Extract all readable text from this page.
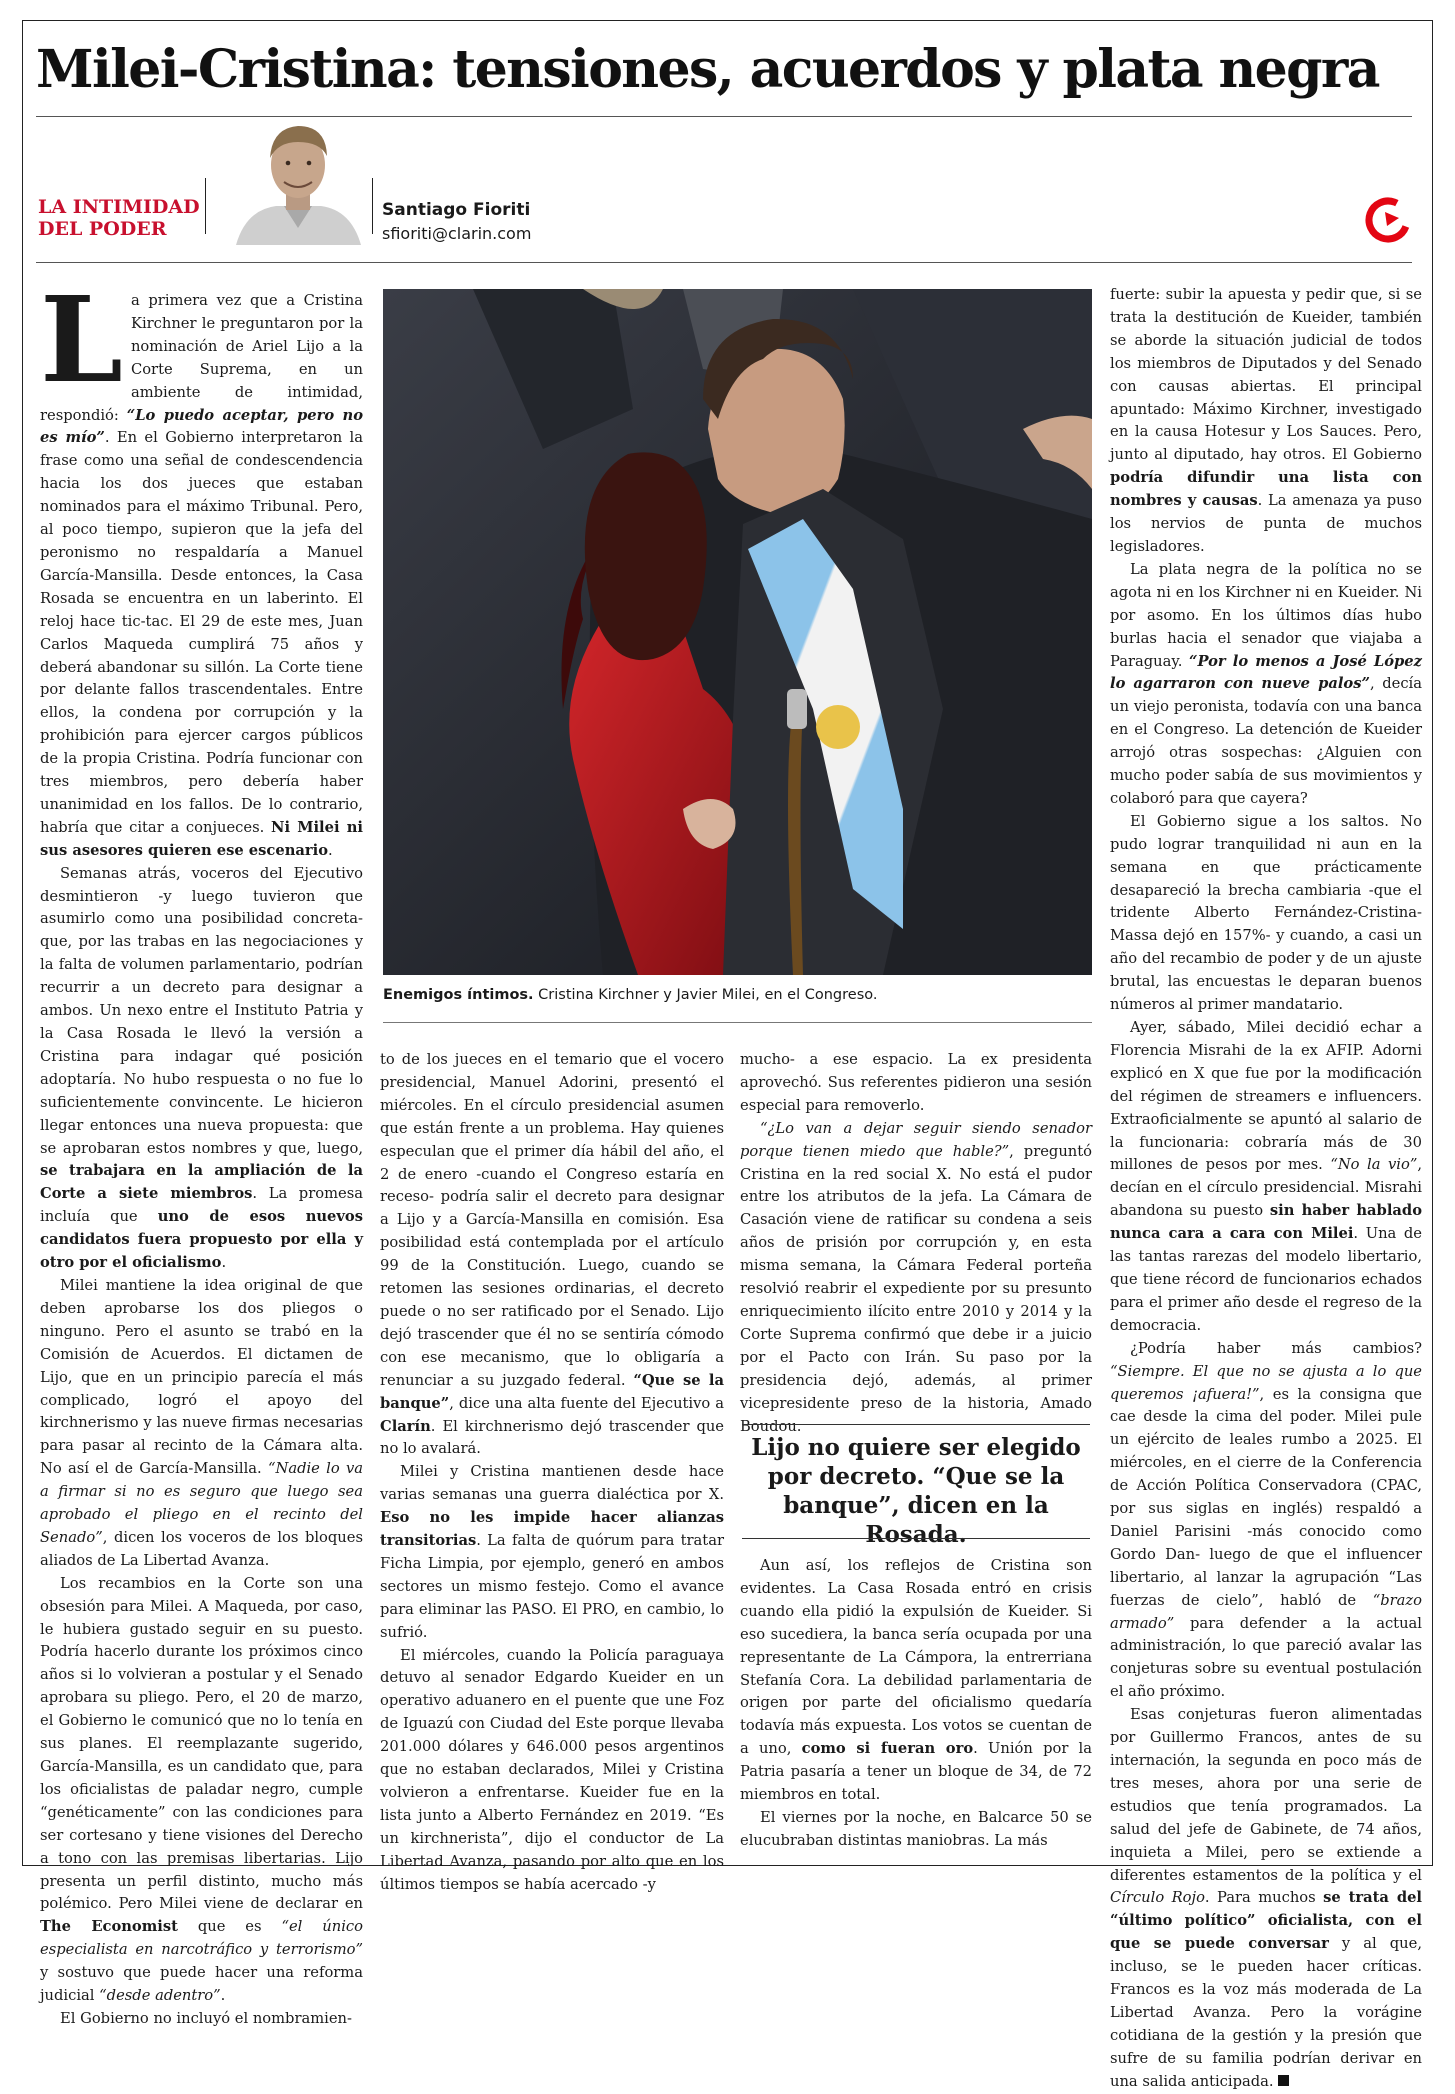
Milei-Cristina: tensiones, acuerdos y plata negra
LA INTIMIDAD
DEL PODER
Santiago Fioriti
sfioriti@clarin.com

La primera vez que a Cristina Kirchner le preguntaron por la nominación de Ariel Lijo a la Corte Suprema, en un ambiente de intimidad, respondió: “Lo puedo aceptar, pero no es mío”. En el Gobierno interpretaron la frase como una señal de condescendencia hacia los dos jueces que estaban nominados para el máximo Tribunal. Pero, al poco tiempo, supieron que la jefa del peronismo no respaldaría a Manuel García-Mansilla. Desde entonces, la Casa Rosada se encuentra en un laberinto. El reloj hace tic-tac. El 29 de este mes, Juan Carlos Maqueda cumplirá 75 años y deberá abandonar su sillón. La Corte tiene por delante fallos trascendentales. Entre ellos, la condena por corrupción y la prohibición para ejercer cargos públicos de la propia Cristina. Podría funcionar con tres miembros, pero debería haber unanimidad en los fallos. De lo contrario, habría que citar a conjueces. Ni Milei ni sus asesores quieren ese escenario.

Semanas atrás, voceros del Ejecutivo desmintieron -y luego tuvieron que asumirlo como una posibilidad concreta- que, por las trabas en las negociaciones y la falta de volumen parlamentario, podrían recurrir a un decreto para designar a ambos. Un nexo entre el Instituto Patria y la Casa Rosada le llevó la versión a Cristina para indagar qué posición adoptaría. No hubo respuesta o no fue lo suficientemente convincente. Le hicieron llegar entonces una nueva propuesta: que se aprobaran estos nombres y que, luego, se trabajara en la ampliación de la Corte a siete miembros. La promesa incluía que uno de esos nuevos candidatos fuera propuesto por ella y otro por el oficialismo.

Milei mantiene la idea original de que deben aprobarse los dos pliegos o ninguno. Pero el asunto se trabó en la Comisión de Acuerdos. El dictamen de Lijo, que en un principio parecía el más complicado, logró el apoyo del kirchnerismo y las nueve firmas necesarias para pasar al recinto de la Cámara alta. No así el de García-Mansilla. “Nadie lo va a firmar si no es seguro que luego sea aprobado el pliego en el recinto del Senado”, dicen los voceros de los bloques aliados de La Libertad Avanza.

Los recambios en la Corte son una obsesión para Milei. A Maqueda, por caso, le hubiera gustado seguir en su puesto. Podría hacerlo durante los próximos cinco años si lo volvieran a postular y el Senado aprobara su pliego. Pero, el 20 de marzo, el Gobierno le comunicó que no lo tenía en sus planes. El reemplazante sugerido, García-Mansilla, es un candidato que, para los oficialistas de paladar negro, cumple “genéticamente” con las condiciones para ser cortesano y tiene visiones del Derecho a tono con las premisas libertarias. Lijo presenta un perfil distinto, mucho más polémico. Pero Milei viene de declarar en The Economist que es “el único especialista en narcotráfico y terrorismo” y sostuvo que puede hacer una reforma judicial “desde adentro”.

El Gobierno no incluyó el nombramien-

Enemigos íntimos. Cristina Kirchner y Javier Milei, en el Congreso.

to de los jueces en el temario que el vocero presidencial, Manuel Adorini, presentó el miércoles. En el círculo presidencial asumen que están frente a un problema. Hay quienes especulan que el primer día hábil del año, el 2 de enero -cuando el Congreso estaría en receso- podría salir el decreto para designar a Lijo y a García-Mansilla en comisión. Esa posibilidad está contemplada por el artículo 99 de la Constitución. Luego, cuando se retomen las sesiones ordinarias, el decreto puede o no ser ratificado por el Senado. Lijo dejó trascender que él no se sentiría cómodo con ese mecanismo, que lo obligaría a renunciar a su juzgado federal. “Que se la banque”, dice una alta fuente del Ejecutivo a Clarín. El kirchnerismo dejó trascender que no lo avalará.

Milei y Cristina mantienen desde hace varias semanas una guerra dialéctica por X. Eso no les impide hacer alianzas transitorias. La falta de quórum para tratar Ficha Limpia, por ejemplo, generó en ambos sectores un mismo festejo. Como el avance para eliminar las PASO. El PRO, en cambio, lo sufrió.

El miércoles, cuando la Policía paraguaya detuvo al senador Edgardo Kueider en un operativo aduanero en el puente que une Foz de Iguazú con Ciudad del Este porque llevaba 201.000 dólares y 646.000 pesos argentinos que no estaban declarados, Milei y Cristina volvieron a enfrentarse. Kueider fue en la lista junto a Alberto Fernández en 2019. “Es un kirchnerista”, dijo el conductor de La Libertad Avanza, pasando por alto que en los últimos tiempos se había acercado -y

mucho- a ese espacio. La ex presidenta aprovechó. Sus referentes pidieron una sesión especial para removerlo.

“¿Lo van a dejar seguir siendo senador porque tienen miedo que hable?”, preguntó Cristina en la red social X. No está el pudor entre los atributos de la jefa. La Cámara de Casación viene de ratificar su condena a seis años de prisión por corrupción y, en esta misma semana, la Cámara Federal porteña resolvió reabrir el expediente por su presunto enriquecimiento ilícito entre 2010 y 2014 y la Corte Suprema confirmó que debe ir a juicio por el Pacto con Irán. Su paso por la presidencia dejó, además, al primer vicepresidente preso de la historia, Amado Boudou.

Lijo no quiere ser elegido por decreto. “Que se la banque”, dicen en la Rosada.

Aun así, los reflejos de Cristina son evidentes. La Casa Rosada entró en crisis cuando ella pidió la expulsión de Kueider. Si eso sucediera, la banca sería ocupada por una representante de La Cámpora, la entrerriana Stefanía Cora. La debilidad parlamentaria de origen por parte del oficialismo quedaría todavía más expuesta. Los votos se cuentan de a uno, como si fueran oro. Unión por la Patria pasaría a tener un bloque de 34, de 72 miembros en total.

El viernes por la noche, en Balcarce 50 se elucubraban distintas maniobras. La más

fuerte: subir la apuesta y pedir que, si se trata la destitución de Kueider, también se aborde la situación judicial de todos los miembros de Diputados y del Senado con causas abiertas. El principal apuntado: Máximo Kirchner, investigado en la causa Hotesur y Los Sauces. Pero, junto al diputado, hay otros. El Gobierno podría difundir una lista con nombres y causas. La amenaza ya puso los nervios de punta de muchos legisladores.

La plata negra de la política no se agota ni en los Kirchner ni en Kueider. Ni por asomo. En los últimos días hubo burlas hacia el senador que viajaba a Paraguay. “Por lo menos a José López lo agarraron con nueve palos”, decía un viejo peronista, todavía con una banca en el Congreso. La detención de Kueider arrojó otras sospechas: ¿Alguien con mucho poder sabía de sus movimientos y colaboró para que cayera?

El Gobierno sigue a los saltos. No pudo lograr tranquilidad ni aun en la semana en que prácticamente desapareció la brecha cambiaria -que el tridente Alberto Fernández-Cristina-Massa dejó en 157%- y cuando, a casi un año del recambio de poder y de un ajuste brutal, las encuestas le deparan buenos números al primer mandatario.

Ayer, sábado, Milei decidió echar a Florencia Misrahi de la ex AFIP. Adorni explicó en X que fue por la modificación del régimen de streamers e influencers. Extraoficialmente se apuntó al salario de la funcionaria: cobraría más de 30 millones de pesos por mes. “No la vio”, decían en el círculo presidencial. Misrahi abandona su puesto sin haber hablado nunca cara a cara con Milei. Una de las tantas rarezas del modelo libertario, que tiene récord de funcionarios echados para el primer año desde el regreso de la democracia.

¿Podría haber más cambios? “Siempre. El que no se ajusta a lo que queremos ¡afuera!”, es la consigna que cae desde la cima del poder. Milei pule un ejército de leales rumbo a 2025. El miércoles, en el cierre de la Conferencia de Acción Política Conservadora (CPAC, por sus siglas en inglés) respaldó a Daniel Parisini -más conocido como Gordo Dan- luego de que el influencer libertario, al lanzar la agrupación “Las fuerzas de cielo”, habló de “brazo armado” para defender a la actual administración, lo que pareció avalar las conjeturas sobre su eventual postulación el año próximo.

Esas conjeturas fueron alimentadas por Guillermo Francos, antes de su internación, la segunda en poco más de tres meses, ahora por una serie de estudios que tenía programados. La salud del jefe de Gabinete, de 74 años, inquieta a Milei, pero se extiende a diferentes estamentos de la política y el Círculo Rojo. Para muchos se trata del “último político” oficialista, con el que se puede conversar y al que, incluso, se le pueden hacer críticas. Francos es la voz más moderada de La Libertad Avanza. Pero la vorágine cotidiana de la gestión y la presión que sufre de su familia podrían derivar en una salida anticipada.
